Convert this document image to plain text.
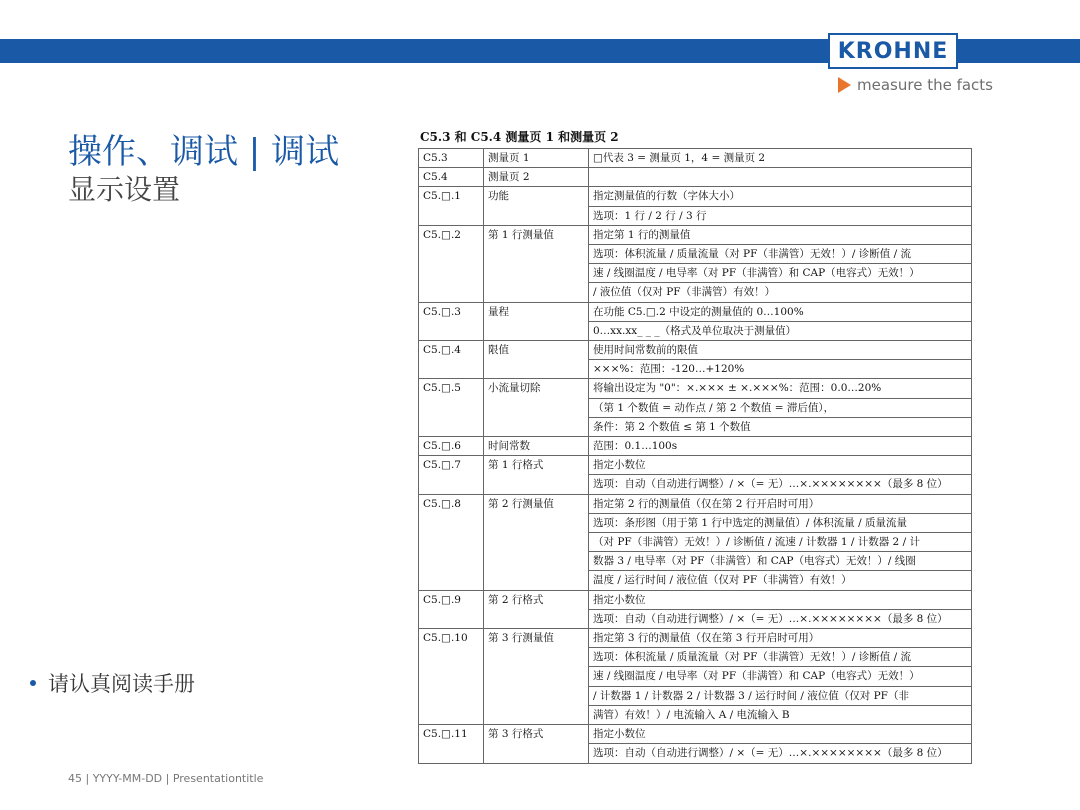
KROHNE
measure the facts
操作、调试 | 调试
显示设置
请认真阅读手册
45 | YYYY-MM-DD | Presentationtitle
C5.3 和 C5.4 测量页 1 和测量页 2
C5.3	测量页 1	□代表 3 = 测量页 1，4 = 测量页 2
C5.4	测量页 2	
C5.□.1	功能	指定测量值的行数（字体大小）
		选项：1 行 / 2 行 / 3 行
C5.□.2	第 1 行测量值	指定第 1 行的测量值
		选项：体积流量 / 质量流量（对 PF（非满管）无效！）/ 诊断值 / 流
		速 / 线圈温度 / 电导率（对 PF（非满管）和 CAP（电容式）无效！）
		/ 液位值（仅对 PF（非满管）有效！）
C5.□.3	量程	在功能 C5.□.2 中设定的测量值的 0…100%
		0…xx.xx_ _ _（格式及单位取决于测量值）
C5.□.4	限值	使用时间常数前的限值
		×××%：范围：-120…+120%
C5.□.5	小流量切除	将输出设定为 "0"：×.××× ± ×.×××%：范围：0.0…20%
		（第 1 个数值 = 动作点 / 第 2 个数值 = 滞后值），
		条件：第 2 个数值 ≤ 第 1 个数值
C5.□.6	时间常数	范围：0.1…100s
C5.□.7	第 1 行格式	指定小数位
		选项：自动（自动进行调整）/ ×（= 无）…×.××××××××（最多 8 位）
C5.□.8	第 2 行测量值	指定第 2 行的测量值（仅在第 2 行开启时可用）
		选项：条形图（用于第 1 行中选定的测量值）/ 体积流量 / 质量流量
		（对 PF（非满管）无效！）/ 诊断值 / 流速 / 计数器 1 / 计数器 2 / 计
		数器 3 / 电导率（对 PF（非满管）和 CAP（电容式）无效！）/ 线圈
		温度 / 运行时间 / 液位值（仅对 PF（非满管）有效！）
C5.□.9	第 2 行格式	指定小数位
		选项：自动（自动进行调整）/ ×（= 无）…×.××××××××（最多 8 位）
C5.□.10	第 3 行测量值	指定第 3 行的测量值（仅在第 3 行开启时可用）
		选项：体积流量 / 质量流量（对 PF（非满管）无效！）/ 诊断值 / 流
		速 / 线圈温度 / 电导率（对 PF（非满管）和 CAP（电容式）无效！）
		/ 计数器 1 / 计数器 2 / 计数器 3 / 运行时间 / 液位值（仅对 PF（非
		满管）有效！）/ 电流输入 A / 电流输入 B
C5.□.11	第 3 行格式	指定小数位
		选项：自动（自动进行调整）/ ×（= 无）…×.××××××××（最多 8 位）
